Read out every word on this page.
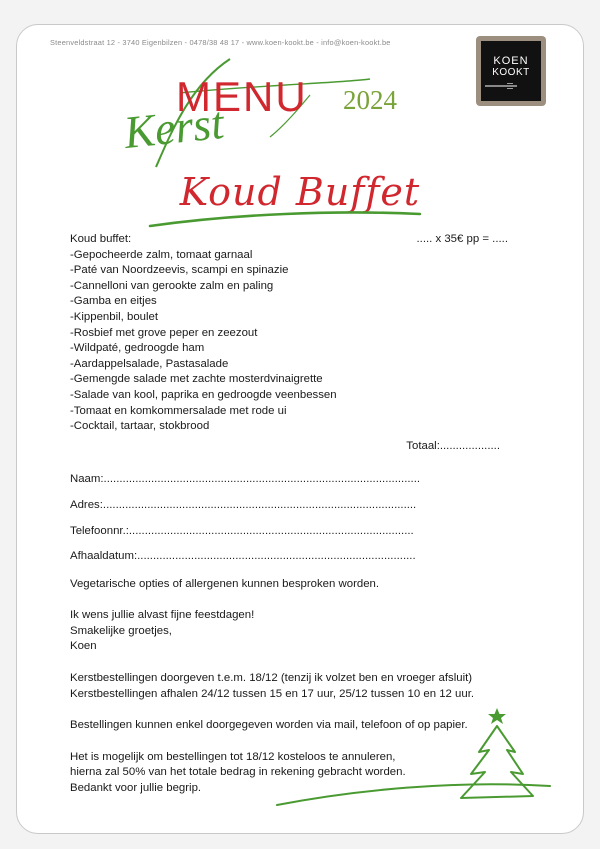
Steenveldstraat 12 - 3740 Eigenbilzen - 0478/38 48 17 - www.koen-kookt.be - info@koen-kookt.be
KOEN
KOOKT
MENU 2024
Kerst
Koud Buffet
Koud buffet:	..... x 35€ pp = .....
-Gepocheerde zalm, tomaat garnaal
-Paté van Noordzeevis, scampi en spinazie
-Cannelloni van gerookte zalm en paling
-Gamba en eitjes
-Kippenbil, boulet
-Rosbief met grove peper en zeezout
-Wildpaté, gedroogde ham
-Aardappelsalade, Pastasalade
-Gemengde salade met zachte mosterdvinaigrette
-Salade van kool, paprika en gedroogde veenbessen
-Tomaat en komkommersalade met rode ui
-Cocktail, tartaar, stokbrood
Totaal:...................
Naam:....................................................................................................
Adres:...................................................................................................
Telefoonnr.:..........................................................................................
Afhaaldatum:........................................................................................
Vegetarische opties of allergenen kunnen besproken worden.
Ik wens jullie alvast fijne feestdagen!
Smakelijke groetjes,
Koen
Kerstbestellingen doorgeven t.e.m. 18/12 (tenzij ik volzet ben en vroeger afsluit)
Kerstbestellingen afhalen 24/12 tussen 15 en 17 uur, 25/12 tussen 10 en 12 uur.
Bestellingen kunnen enkel doorgegeven worden via mail, telefoon of op papier.
Het is mogelijk om bestellingen tot 18/12 kosteloos te annuleren,
hierna zal 50% van het totale bedrag in rekening gebracht worden.
Bedankt voor jullie begrip.
